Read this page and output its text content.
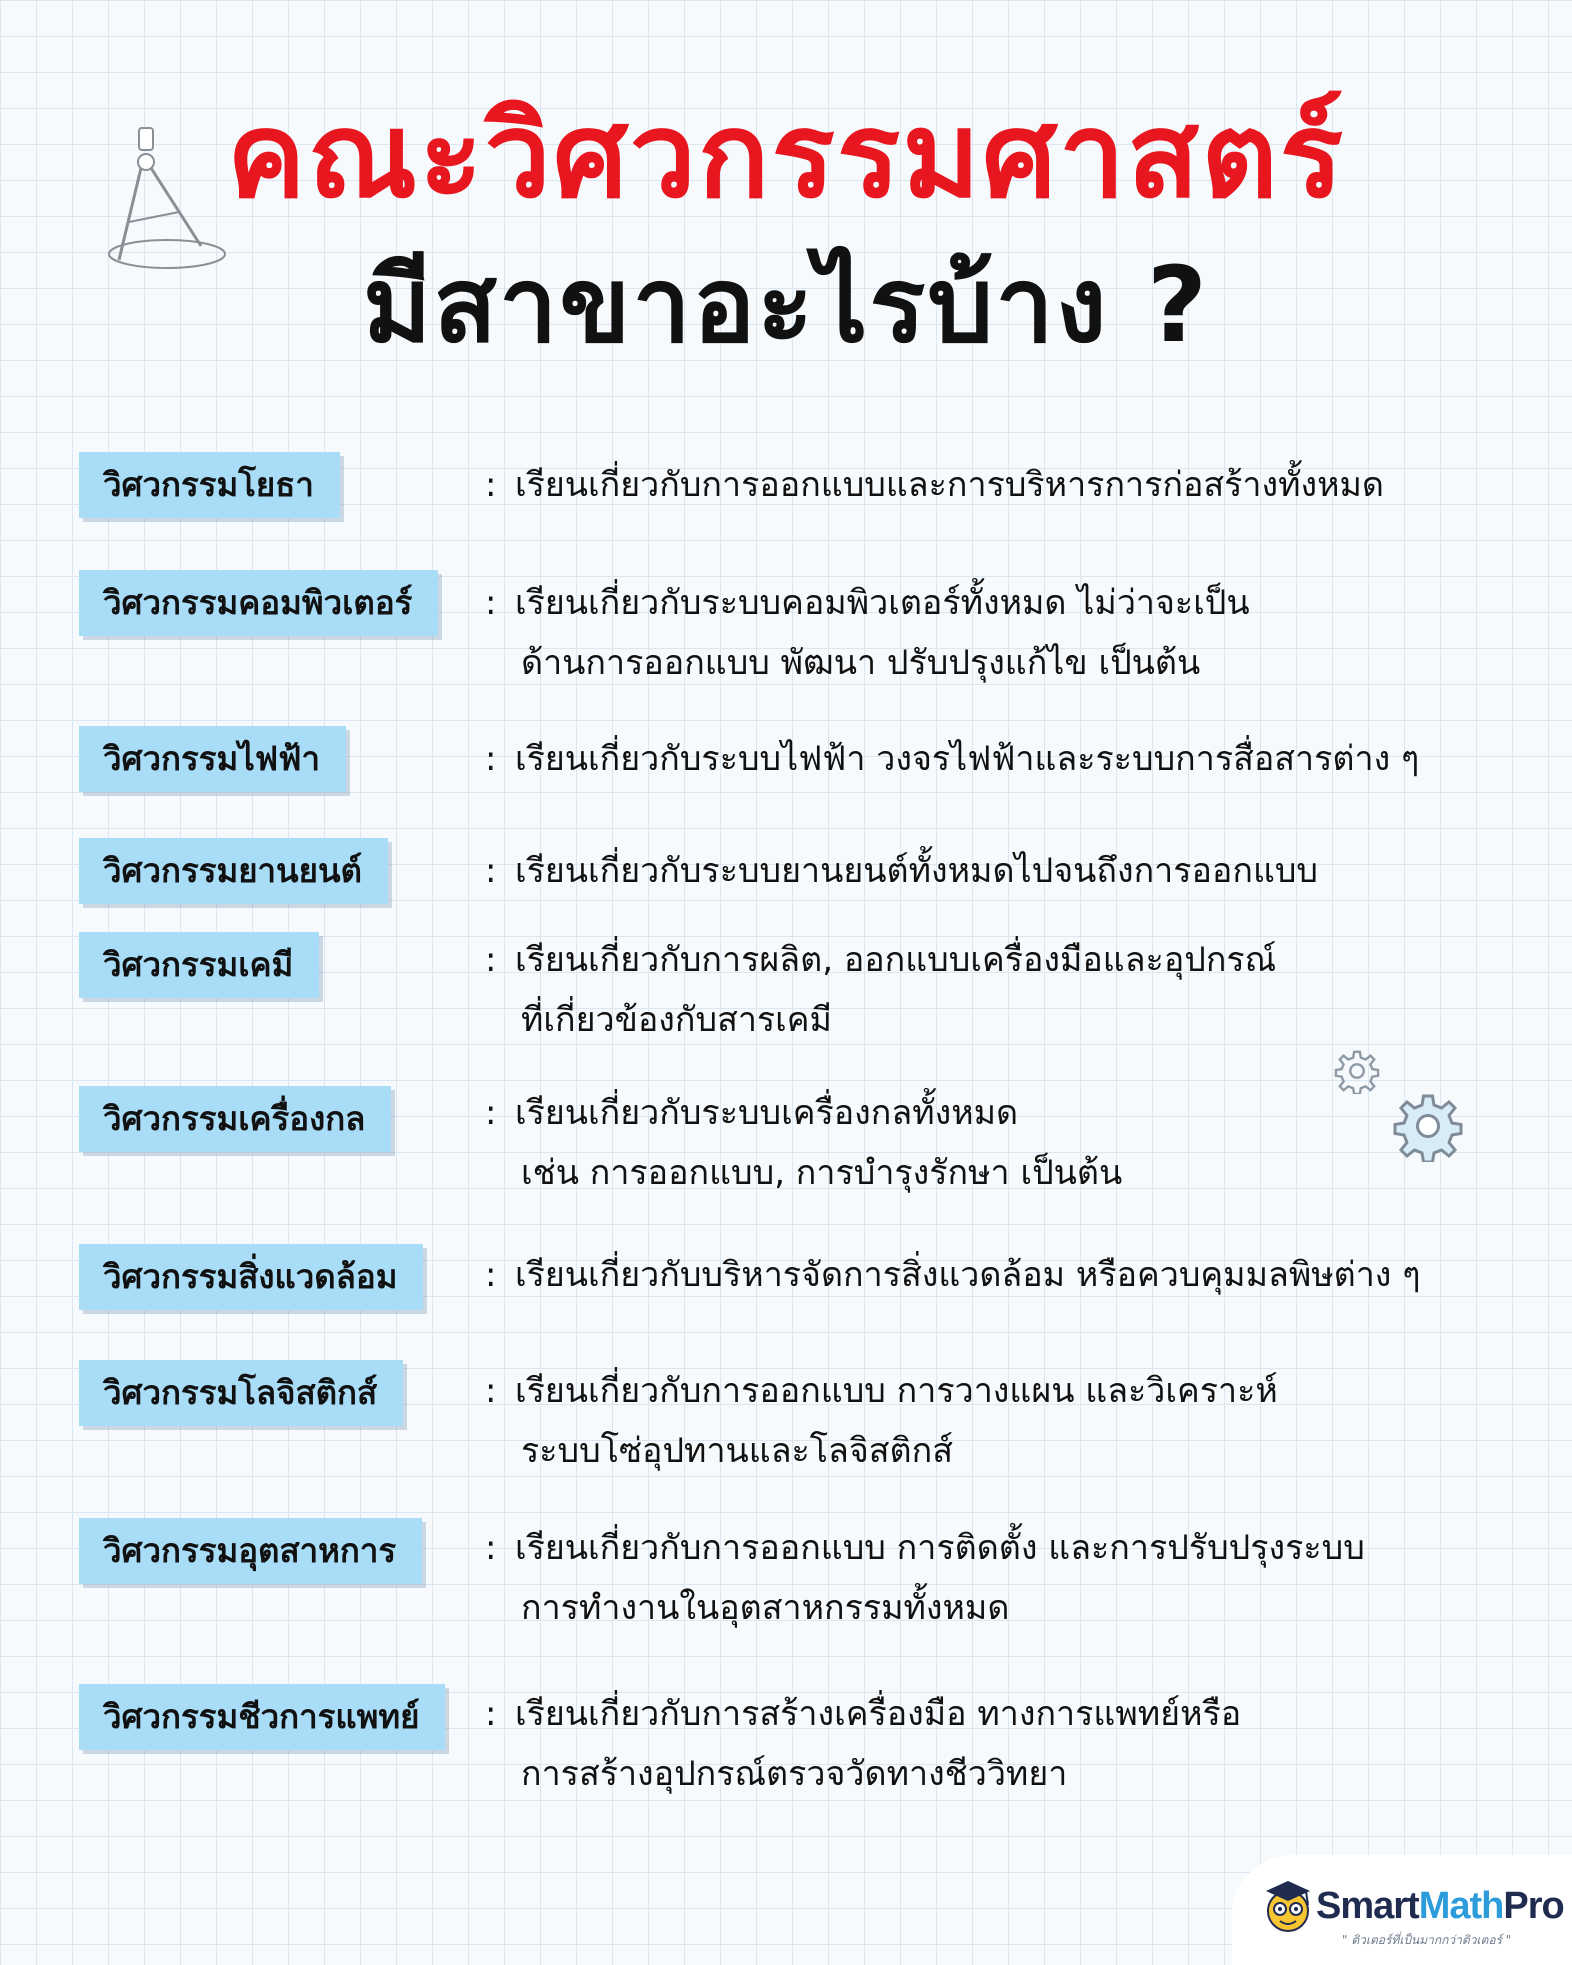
คณะวิศวกรรมศาสตร์
มีสาขาอะไรบ้าง ?
วิศวกรรมโยธา	: เรียนเกี่ยวกับการออกแบบและการบริหารการก่อสร้างทั้งหมด
วิศวกรรมคอมพิวเตอร์	: เรียนเกี่ยวกับระบบคอมพิวเตอร์ทั้งหมด ไม่ว่าจะเป็น
ด้านการออกแบบ พัฒนา ปรับปรุงแก้ไข เป็นต้น
วิศวกรรมไฟฟ้า	: เรียนเกี่ยวกับระบบไฟฟ้า วงจรไฟฟ้าและระบบการสื่อสารต่าง ๆ
วิศวกรรมยานยนต์	: เรียนเกี่ยวกับระบบยานยนต์ทั้งหมดไปจนถึงการออกแบบ
วิศวกรรมเคมี	: เรียนเกี่ยวกับการผลิต, ออกแบบเครื่องมือและอุปกรณ์
ที่เกี่ยวข้องกับสารเคมี
วิศวกรรมเครื่องกล	: เรียนเกี่ยวกับระบบเครื่องกลทั้งหมด
เช่น การออกแบบ, การบำรุงรักษา เป็นต้น
วิศวกรรมสิ่งแวดล้อม	: เรียนเกี่ยวกับบริหารจัดการสิ่งแวดล้อม หรือควบคุมมลพิษต่าง ๆ
วิศวกรรมโลจิสติกส์	: เรียนเกี่ยวกับการออกแบบ การวางแผน และวิเคราะห์
ระบบโซ่อุปทานและโลจิสติกส์
วิศวกรรมอุตสาหการ	: เรียนเกี่ยวกับการออกแบบ การติดตั้ง และการปรับปรุงระบบ
การทำงานในอุตสาหกรรมทั้งหมด
วิศวกรรมชีวการแพทย์	: เรียนเกี่ยวกับการสร้างเครื่องมือ ทางการแพทย์หรือ
การสร้างอุปกรณ์ตรวจวัดทางชีววิทยา
SmartMathPro
" ติวเตอร์ที่เป็นมากกว่าติวเตอร์ "
